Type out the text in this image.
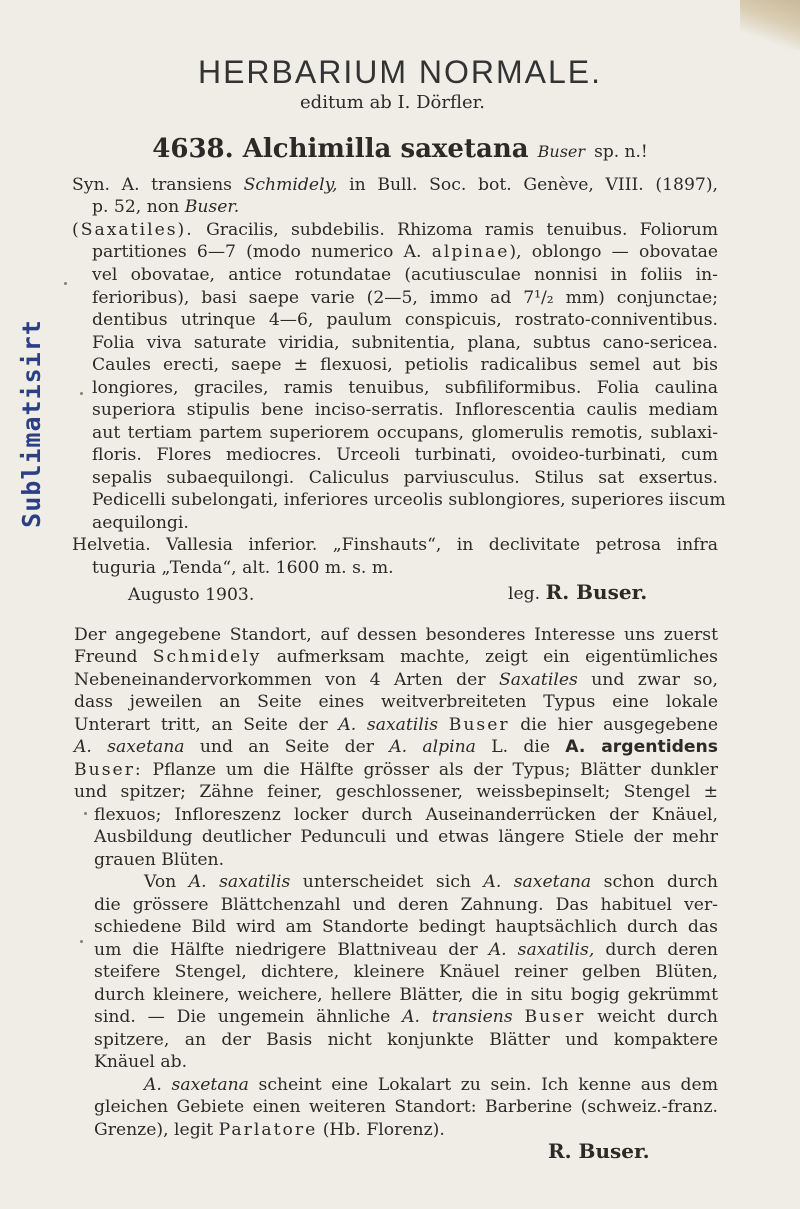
Sublimatisirt
HERBARIUM NORMALE.
editum ab I. Dörfler.
4638. Alchimilla saxetana Buser sp. n.!
Syn. A. transiens Schmidely, in Bull. Soc. bot. Genève, VIII. (1897),
p. 52, non Buser.
(Saxatiles). Gracilis, subdebilis. Rhizoma ramis tenuibus. Foliorum
partitiones 6—7 (modo numerico A. alpinae), oblongo — obovatae
vel obovatae, antice rotundatae (acutiusculae nonnisi in foliis in-
ferioribus), basi saepe varie (2—5, immo ad 7¹/₂ mm) conjunctae;
dentibus utrinque 4—6, paulum conspicuis, rostrato-conniventibus.
Folia viva saturate viridia, subnitentia, plana, subtus cano-sericea.
Caules erecti, saepe ± flexuosi, petiolis radicalibus semel aut bis
longiores, graciles, ramis tenuibus, subfiliformibus. Folia caulina
superiora stipulis bene inciso-serratis. Inflorescentia caulis mediam
aut tertiam partem superiorem occupans, glomerulis remotis, sublaxi-
floris. Flores mediocres. Urceoli turbinati, ovoideo-turbinati, cum
sepalis subaequilongi. Caliculus parviusculus. Stilus sat exsertus.
Pedicelli subelongati, inferiores urceolis sublongiores, superiores iiscum
aequilongi.
Helvetia. Vallesia inferior. „Finshauts“, in declivitate petrosa infra
tuguria „Tenda“, alt. 1600 m. s. m.
Augusto 1903.	leg. R. Buser.
Der angegebene Standort, auf dessen besonderes Interesse uns zuerst
Freund Schmidely aufmerksam machte, zeigt ein eigentümliches
Nebeneinandervorkommen von 4 Arten der Saxatiles und zwar so,
dass jeweilen an Seite eines weitverbreiteten Typus eine lokale
Unterart tritt, an Seite der A. saxatilis Buser die hier ausgegebene
A. saxetana und an Seite der A. alpina L. die A. argentidens
Buser: Pflanze um die Hälfte grösser als der Typus; Blätter dunkler
und spitzer; Zähne feiner, geschlossener, weissbepinselt; Stengel ±
flexuos; Infloreszenz locker durch Auseinanderrücken der Knäuel,
Ausbildung deutlicher Pedunculi und etwas längere Stiele der mehr
grauen Blüten.
Von A. saxatilis unterscheidet sich A. saxetana schon durch
die grössere Blättchenzahl und deren Zahnung. Das habituel ver-
schiedene Bild wird am Standorte bedingt hauptsächlich durch das
um die Hälfte niedrigere Blattniveau der A. saxatilis, durch deren
steifere Stengel, dichtere, kleinere Knäuel reiner gelben Blüten,
durch kleinere, weichere, hellere Blätter, die in situ bogig gekrümmt
sind. — Die ungemein ähnliche A. transiens Buser weicht durch
spitzere, an der Basis nicht konjunkte Blätter und kompaktere
Knäuel ab.
A. saxetana scheint eine Lokalart zu sein. Ich kenne aus dem
gleichen Gebiete einen weiteren Standort: Barberine (schweiz.-franz.
Grenze), legit Parlatore (Hb. Florenz).
R. Buser.
